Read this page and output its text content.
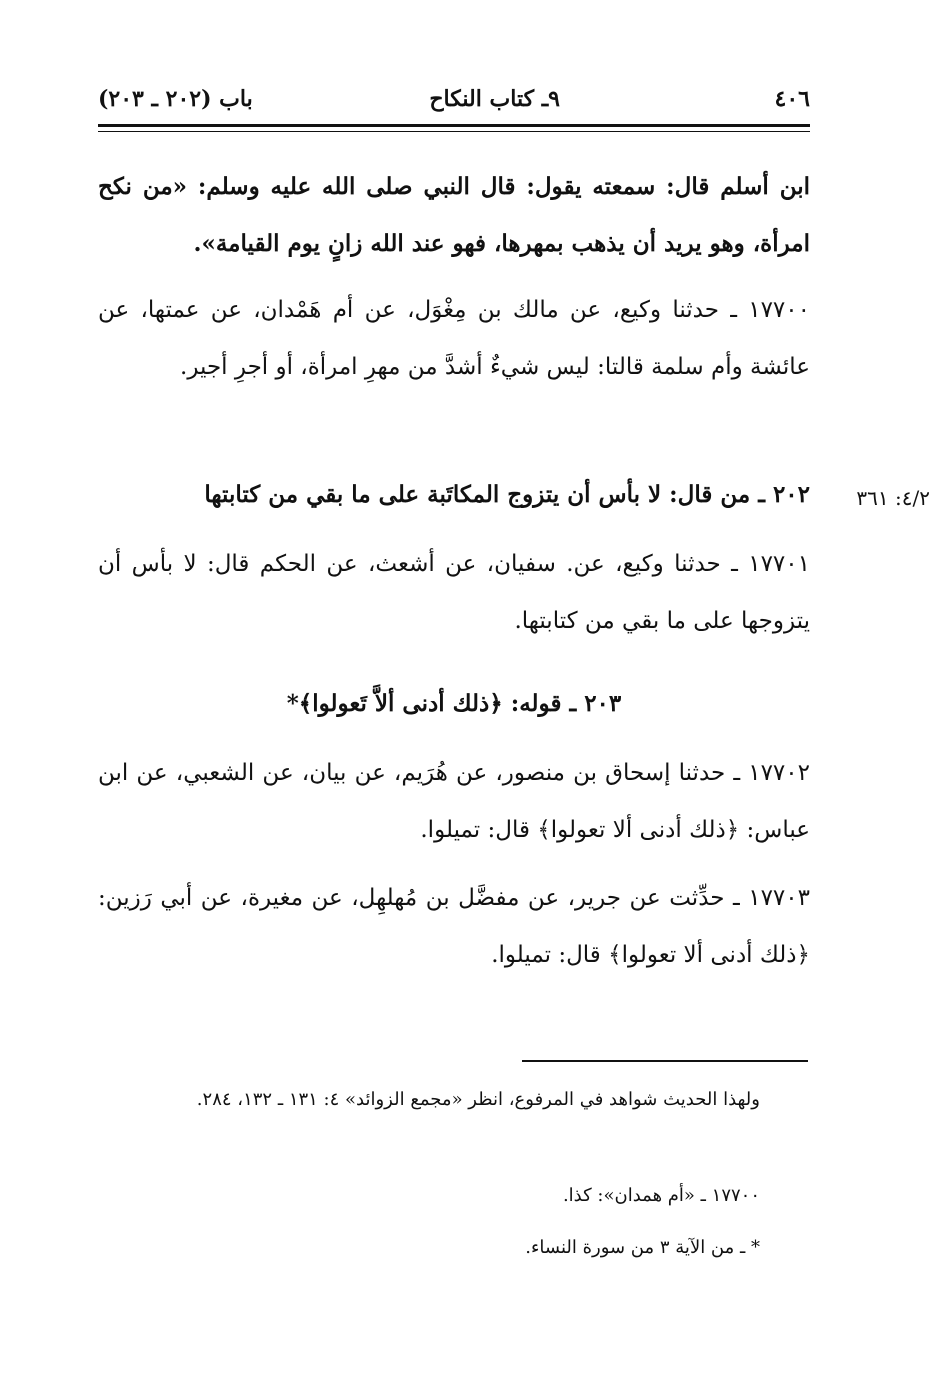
٤٠٦
٩ـ كتاب النكاح
باب (٢٠٢ ـ ٢٠٣)
ابن أسلم قال: سمعته يقول: قال النبي صلى الله عليه وسلم: «من نكح امرأة، وهو يريد أن يذهب بمهرها، فهو عند الله زانٍ يوم القيامة».
١٧٧٠٠ ـ حدثنا وكيع، عن مالك بن مِغْوَل، عن أم هَمْدان، عن عمتها، عن عائشة وأم سلمة قالتا: ليس شيءٌ أشدَّ من مهرِ امرأة، أو أجرِ أجير.
٤/٢: ٣٦١
٢٠٢ ـ من قال: لا بأس أن يتزوج المكاتَبة على ما بقي من كتابتها
١٧٧٠١ ـ حدثنا وكيع، عن. سفيان، عن أشعث، عن الحكم قال: لا بأس أن يتزوجها على ما بقي من كتابتها.
٢٠٣ ـ قوله: ﴿ذلك أدنى ألاَّ تَعولوا﴾*
١٧٧٠٢ ـ حدثنا إسحاق بن منصور، عن هُرَيم، عن بيان، عن الشعبي، عن ابن عباس: ﴿ذلك أدنى ألا تعولوا﴾ قال: تميلوا.
١٧٧٠٣ ـ حدِّثت عن جرير، عن مفضَّل بن مُهلهِل، عن مغيرة، عن أبي رَزين: ﴿ذلك أدنى ألا تعولوا﴾ قال: تميلوا.
ولهذا الحديث شواهد في المرفوع، انظر «مجمع الزوائد» ٤: ١٣١ ـ ١٣٢، ٢٨٤.
١٧٧٠٠ ـ «أم همدان»: كذا.
* ـ من الآية ٣ من سورة النساء.
